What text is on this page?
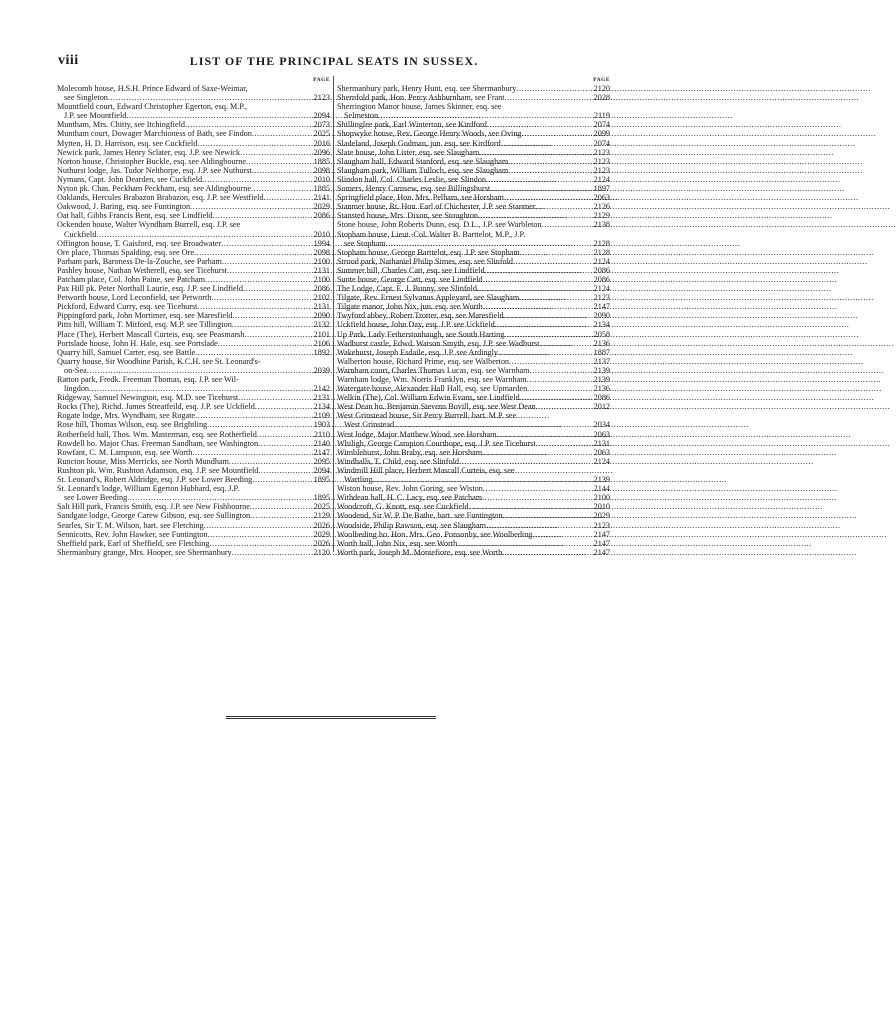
viii	LIST OF THE PRINCIPAL SEATS IN SUSSEX.
PAGE
Molecomb house, H.S.H. Prince Edward of Saxe-Weimar,
see Singleton .....	2123
Mountfield court, Edward Christopher Egerton, esq. M.P.,
J.P. see Mountfield .....	2094
Muntham, Mrs. Chitty, see Itchingfield .....	2073
Muntham court, Dowager Marchioness of Bath, see Findon .....	2025
Mytten, H. D. Harrison, esq. see Cuckfield .....	2016
Newick park, James Henry Sclater, esq. J.P. see Newick .....	2096
Norton house, Christopher Buckle, esq. see Aldingbourne .....	1885
Nuthurst lodge, Jas. Tudor Nelthorpe, esq. J.P. see Nuthurst .....	2098
Nymans, Capt. John Dearden, see Cuckfield .....	2010
Nyton pk. Chas. Peckham Peckham, esq. see Aldingbourne .....	1885
Oaklands, Hercules Brabazon Brabazon, esq. J.P. see Westfield .....	2141
Oakwood, J. Baring, esq. see Funtington .....	2029
Oat hall, Gibbs Francis Bent, esq. see Lindfield .....	2086
Ockenden house, Walter Wyndham Burrell, esq. J.P. see
Cuckfield .....	2010
Offington house, T. Gaisford, esq. see Broadwater .....	1994
Ore place, Thomas Spalding, esq. see Ore .....	2098
Parham park, Baroness De-la-Zouche, see Parham .....	2100
Pashley house, Nathan Wetherell, esq. see Ticehurst .....	2131
Patcham place, Col. John Paine, see Patcham .....	2100
Pax Hill pk. Peter Northall Laurie, esq. J.P. see Lindfield .....	2086
Petworth house, Lord Leconfield, see Petworth .....	2102
Pickford, Edward Curry, esq. see Ticehurst .....	2131
Pippingford park, John Mortimer, esq. see Maresfield .....	2090
Pitts hill, William T. Mitford, esq. M.P. see Tillington .....	2132
Place (The), Herbert Mascall Curteis, esq. see Peasmarsh .....	2101
Portslade house, John H. Hale, esq. see Portslade .....	2106
Quarry hill, Samuel Carter, esq. see Battle .....	1892
Quarry house, Sir Woodbine Parish, K.C.H. see St. Leonard's-
on-Sea .....	2039
Ratton park, Fredk. Freeman Thomas, esq. J.P. see Wil-
lingdon .....	2142
Ridgeway, Samuel Newington, esq. M.D. see Ticehurst .....	2131
Rocks (The), Richd. James Streatfeild, esq. J.P. see Uckfield .....	2134
Rogate lodge, Mrs. Wyndham, see Rogate .....	2109
Rose hill, Thomas Wilson, esq. see Brightling .....	1903
Rotherfield hall, Thos. Wm. Masterman, esq. see Rotherfield .....	2110
Rowdell ho. Major Chas. Freeman Sandham, see Washington .....	2140
Rowfant, C. M. Lampson, esq. see Worth .....	2147
Runcton house, Miss Merricks, see North Mundham .....	2095
Rushton pk. Wm. Rushton Adamson, esq. J.P. see Mountfield .....	2094
St. Leonard's, Robert Aldridge, esq. J.P. see Lower Beeding .....	1895
St. Leonard's lodge, William Egerton Hubbard, esq. J.P.
see Lower Beeding .....	1895
Salt Hill park, Francis Smith, esq. J.P. see New Fishbourne .....	2025
Sandgate lodge, George Carew Gibson, esq. see Sullington .....	2129
Searles, Sir T. M. Wilson, bart. see Fletching .....	2026
Sennicotts, Rev. John Hawker, see Funtington .....	2029
Sheffield park, Earl of Sheffield, see Fletching .....	2026
Shermanbury grange, Mrs. Hooper, see Shermanbury .....	2120
PAGE
Shermanbury park, Henry Hunt, esq. see Shermanbury .....	2120
Shernfold park, Hon. Percy Ashburnham, see Frant .....	2028
Sherrington Manor house, James Skinner, esq. see
Selmeston .....	2119
Shillinglee park, Earl Winterton, see Kirdford .....	2074
Shopwyke house, Rev. George Henry Woods, see Oving .....	2099
Sladeland, Joseph Godman, jun. esq. see Kirdford .....	2074
Slate house, John Lister, esq. see Slaugham .....	2123
Slaugham hall, Edward Stanford, esq. see Slaugham .....	2123
Slaugham park, William Tulloch, esq. see Slaugham .....	2123
Slindon hall, Col. Charles Leslie, see Slindon .....	2124
Somers, Henry Carnsew, esq. see Billingshurst .....	1897
Springfield place, Hon. Mrs. Pelham, see Horsham .....	2063
Stanmer house, Rt. Hon. Earl of Chichester, J.P. see Stanmer .....	2126
Stansted house, Mrs. Dixon, see Stoughton .....	2129
Stone house, John Roberts Dunn, esq. D.L., J.P. see Warbleton .....	2138
Stopham house, Lieut.-Col. Walter B. Barttelot, M.P., J.P.
see Stopham .....	2128
Stopham house, George Barttelot, esq. J.P. see Stopham .....	2128
Strood park, Nathaniel Philip Simes, esq. see Slinfold .....	2124
Summer hill, Charles Catt, esq. see Lindfield .....	2086
Sunte house, George Catt, esq. see Lindfield .....	2086
The Lodge, Capt. E. J. Bunny, see Slinfold .....	2124
Tilgate, Rev. Ernest Sylvanus Appleyard, see Slaugham .....	2123
Tilgate manor, John Nix, jun. esq. see Worth .....	2147
Twyford abbey, Robert Trotter, esq. see Maresfield .....	2090
Uckfield house, John Day, esq. J.P. see Uckfield .....	2134
Up Park, Lady Fetherstonhaugh, see South Harting .....	2058
Wadhurst castle, Edwd. Watson Smyth, esq. J.P. see Wadhurst .....	2136
Wakehurst, Joseph Esdaile, esq. J.P. see Ardingly .....	1887
Walberton house, Richard Prime, esq. see Walberton .....	2137
Warnham court, Charles Thomas Lucas, esq. see Warnham .....	2139
Warnham lodge, Wm. Norris Franklyn, esq. see Warnham .....	2139
Watergate house, Alexander Hall Hall, esq. see Upmarden .....	2136
Welkin (The), Col. William Edwin Evans, see Lindfield .....	2086
West Dean ho. Benjamin Stevens Bovill, esq. see West Dean .....	2012
West Grinstead house, Sir Percy Burrell, bart. M.P. see
West Grinstead .....	2034
West lodge, Major Matthew Wood, see Horsham .....	2063
Whiligh, George Campion Courthope, esq. J.P. see Ticehurst .....	2131
Wimblehurst, John Braby, esq. see Horsham .....	2063
Windhalls, T. Child, esq. see Slinfold .....	2124
Windmill Hill place, Herbert Mascall Curteis, esq. see
Wartling .....	2139
Wiston house, Rev. John Goring, see Wiston .....	2144
Withdean hall, H. C. Lacy, esq. see Patcham .....	2100
Woodcroft, G. Knott, esq. see Cuckfield .....	2010
Woodend, Sir W. P. De Bathe, bart. see Funtington .....	2029
Woodside, Philip Rawson, esq. see Slaugham .....	2123
Woolbeding ho. Hon. Mrs. Geo. Ponsonby, see Woolbeding .....	2147
Worth hall, John Nix, esq. see Worth .....	2147
Worth park, Joseph M. Montefiore, esq. see Worth .....	2147
